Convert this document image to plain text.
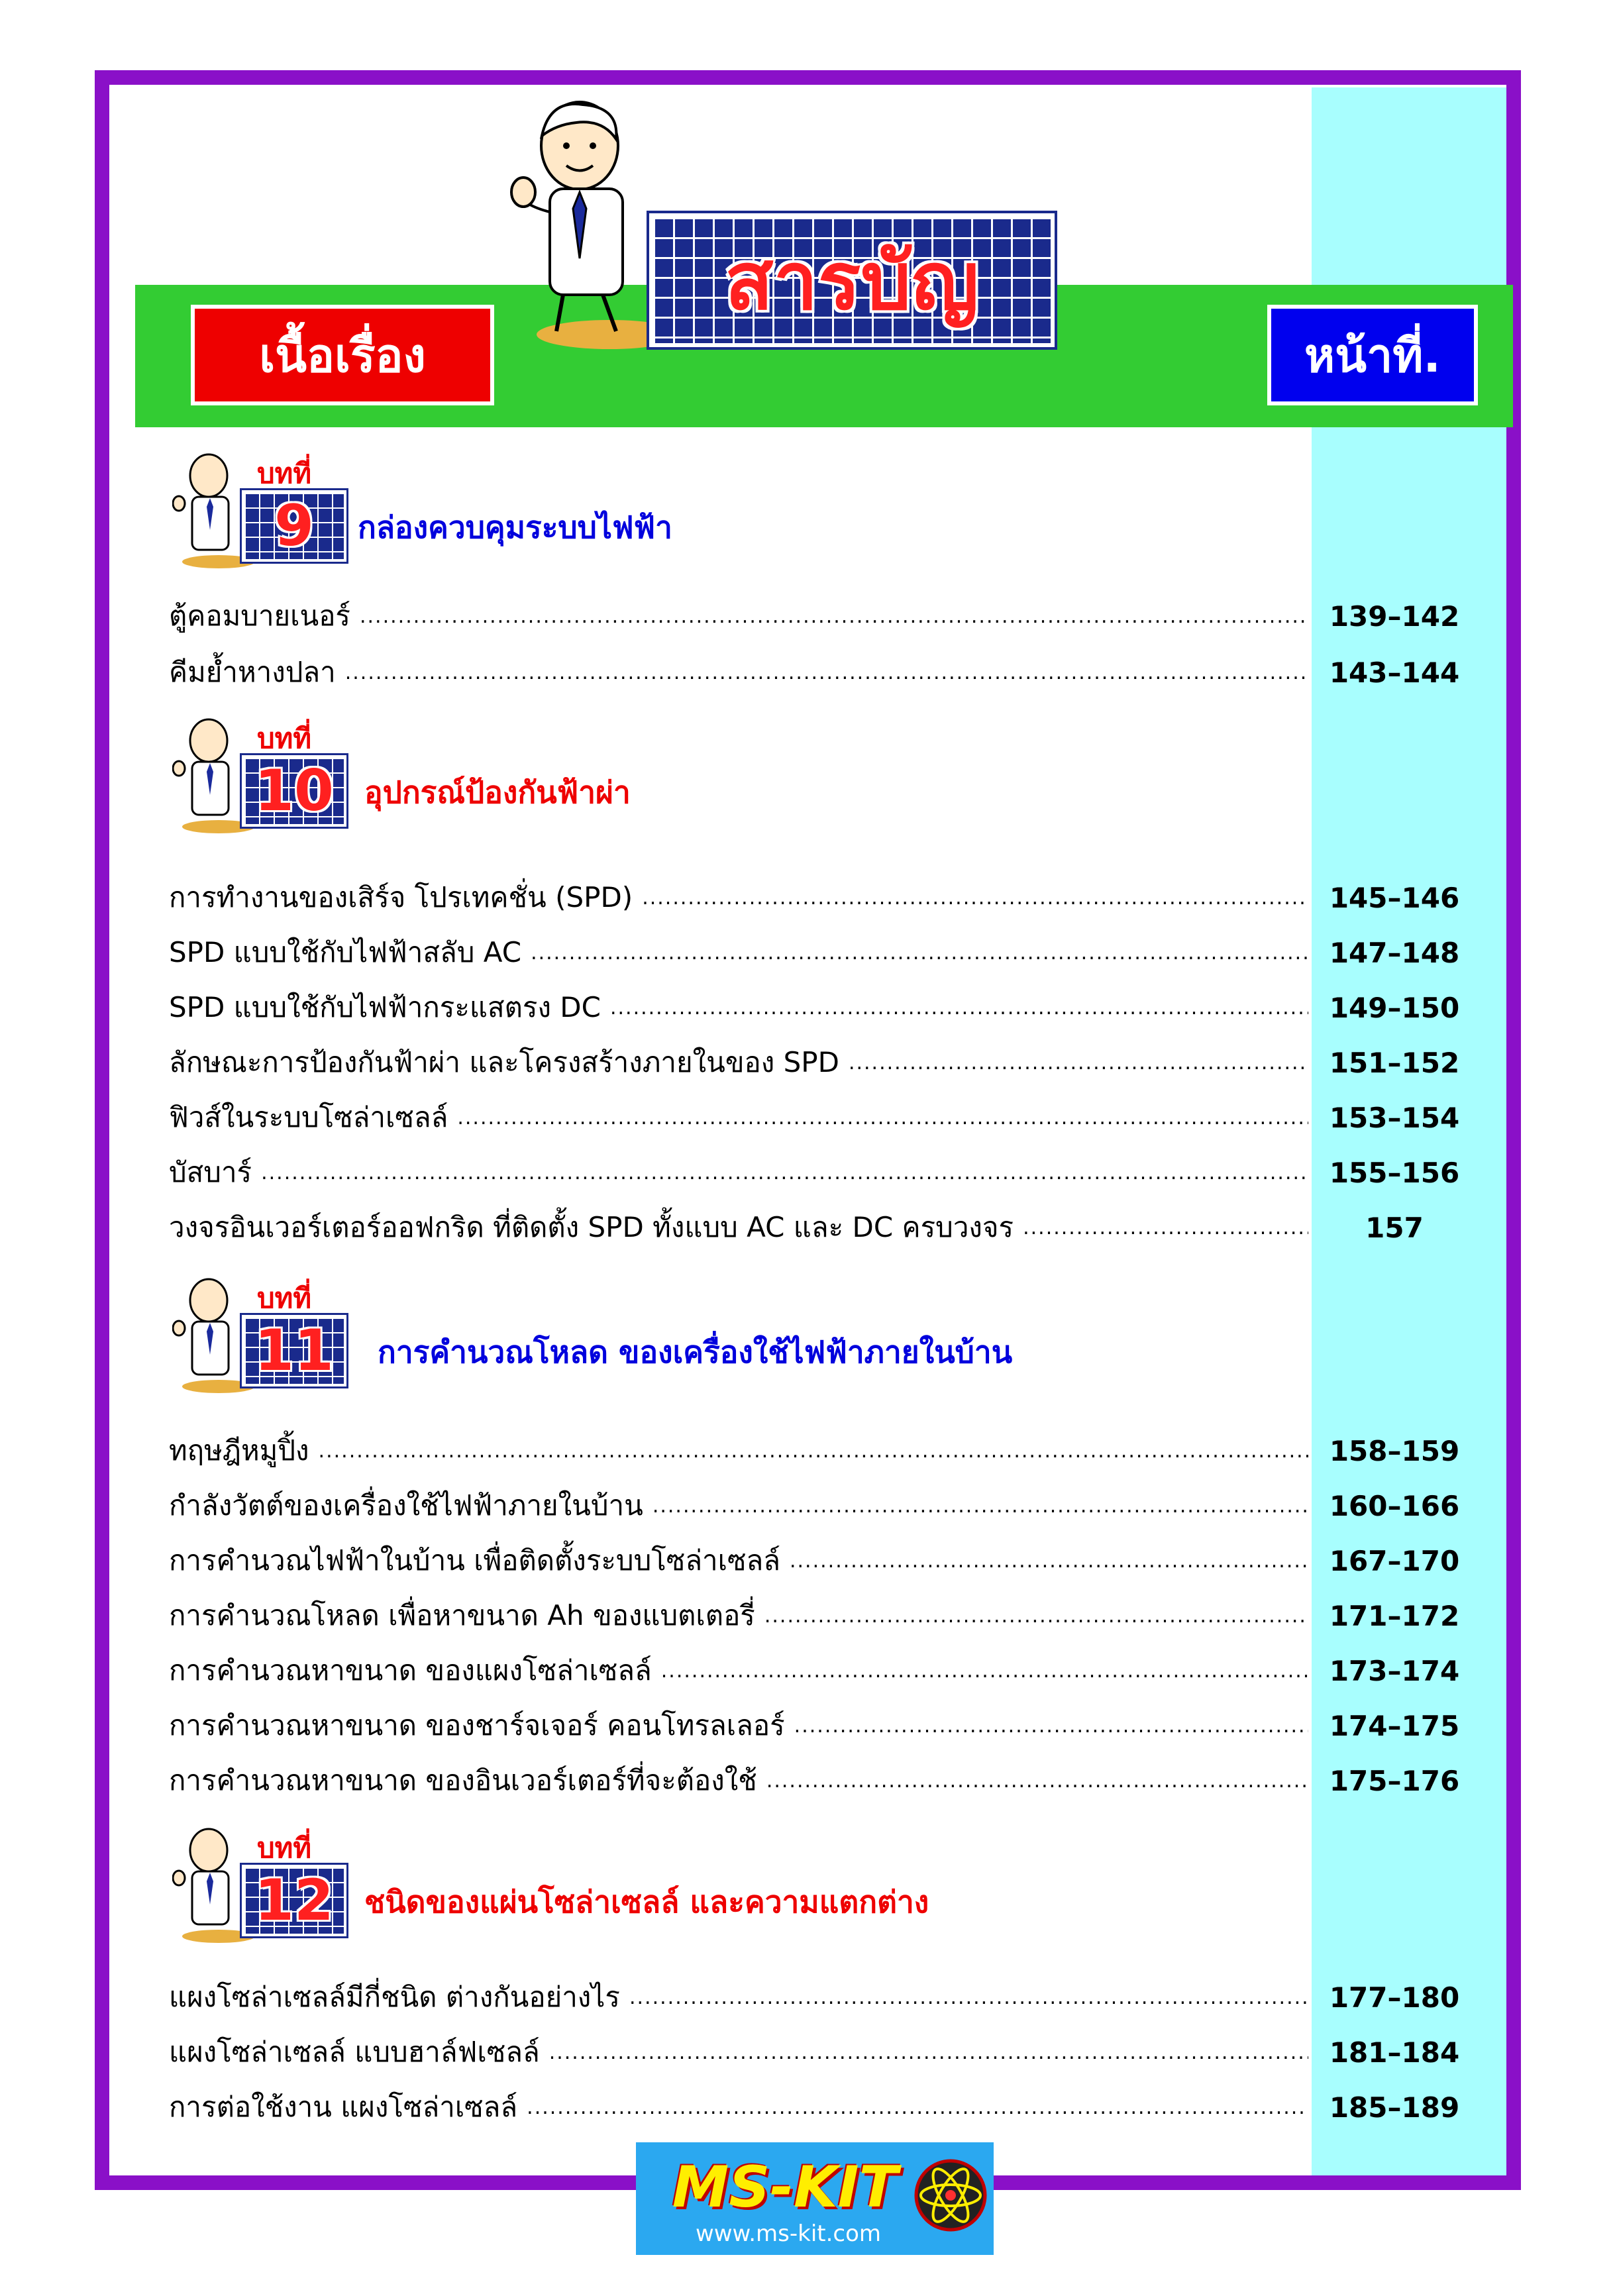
สารบัญ
เนื้อเรื่อง	หน้าที่.
บทที่
9	กล่องควบคุมระบบไฟฟ้า
ตู้คอมบายเนอร์ .....	139–142
คีมย้ำหางปลา .....	143–144
บทที่
10	อุปกรณ์ป้องกันฟ้าผ่า
การทำงานของเสิร์จ โปรเทคชั่น (SPD) .....	145–146
SPD แบบใช้กับไฟฟ้าสลับ AC .....	147–148
SPD แบบใช้กับไฟฟ้ากระแสตรง DC .....	149–150
ลักษณะการป้องกันฟ้าผ่า และโครงสร้างภายในของ SPD .....	151–152
ฟิวส์ในระบบโซล่าเซลล์ .....	153–154
บัสบาร์ .....	155–156
วงจรอินเวอร์เตอร์ออฟกริด ที่ติดตั้ง SPD ทั้งแบบ AC และ DC ครบวงจร .....	157
บทที่
11	การคำนวณโหลด ของเครื่องใช้ไฟฟ้าภายในบ้าน
ทฤษฎีหมูปิ้ง .....	158–159
กำลังวัตต์ของเครื่องใช้ไฟฟ้าภายในบ้าน .....	160–166
การคำนวณไฟฟ้าในบ้าน เพื่อติดตั้งระบบโซล่าเซลล์ .....	167–170
การคำนวณโหลด เพื่อหาขนาด Ah ของแบตเตอรี่ .....	171–172
การคำนวณหาขนาด ของแผงโซล่าเซลล์ .....	173–174
การคำนวณหาขนาด ของชาร์จเจอร์ คอนโทรลเลอร์ .....	174–175
การคำนวณหาขนาด ของอินเวอร์เตอร์ที่จะต้องใช้ .....	175–176
บทที่
12	ชนิดของแผ่นโซล่าเซลล์ และความแตกต่าง
แผงโซล่าเซลล์มีกี่ชนิด ต่างกันอย่างไร .....	177–180
แผงโซล่าเซลล์ แบบฮาล์ฟเซลล์ .....	181–184
การต่อใช้งาน แผงโซล่าเซลล์ .....	185–189
MS-KIT
www.ms-kit.com
